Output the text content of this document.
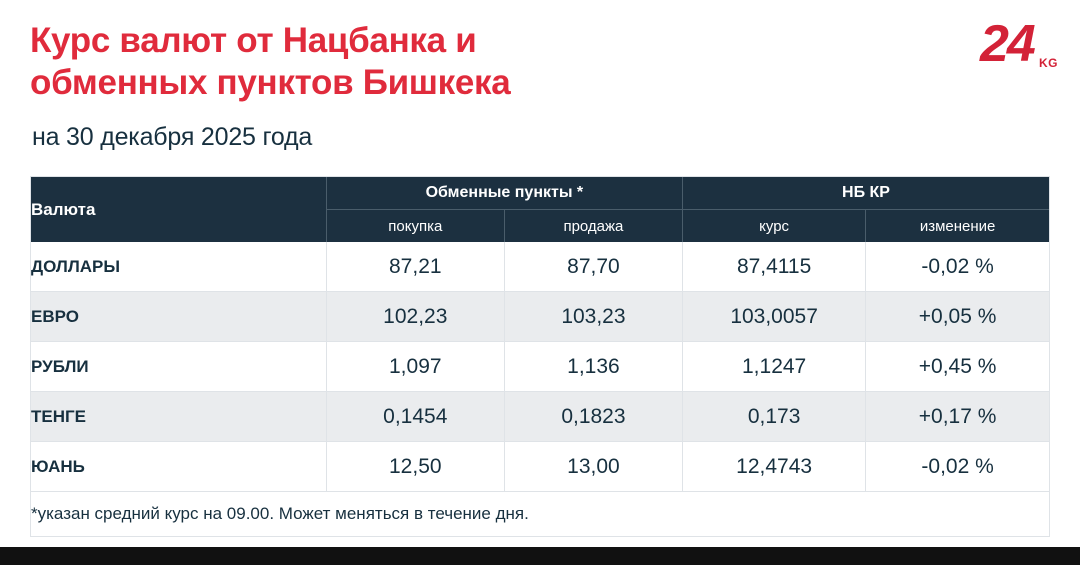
Курс валют от Нацбанка и
обменных пунктов Бишкека
на 30 декабря 2025 года
24 KG
Валюта	Обменные пункты *		НБ КР	
	покупка	продажа	курс	изменение
ДОЛЛАРЫ	87,21	87,70	87,4115	-0,02 %
ЕВРО	102,23	103,23	103,0057	+0,05 %
РУБЛИ	1,097	1,136	1,1247	+0,45 %
ТЕНГЕ	0,1454	0,1823	0,173	+0,17 %
ЮАНЬ	12,50	13,00	12,4743	-0,02 %
*указан средний курс на 09.00. Может меняться в течение дня.				
